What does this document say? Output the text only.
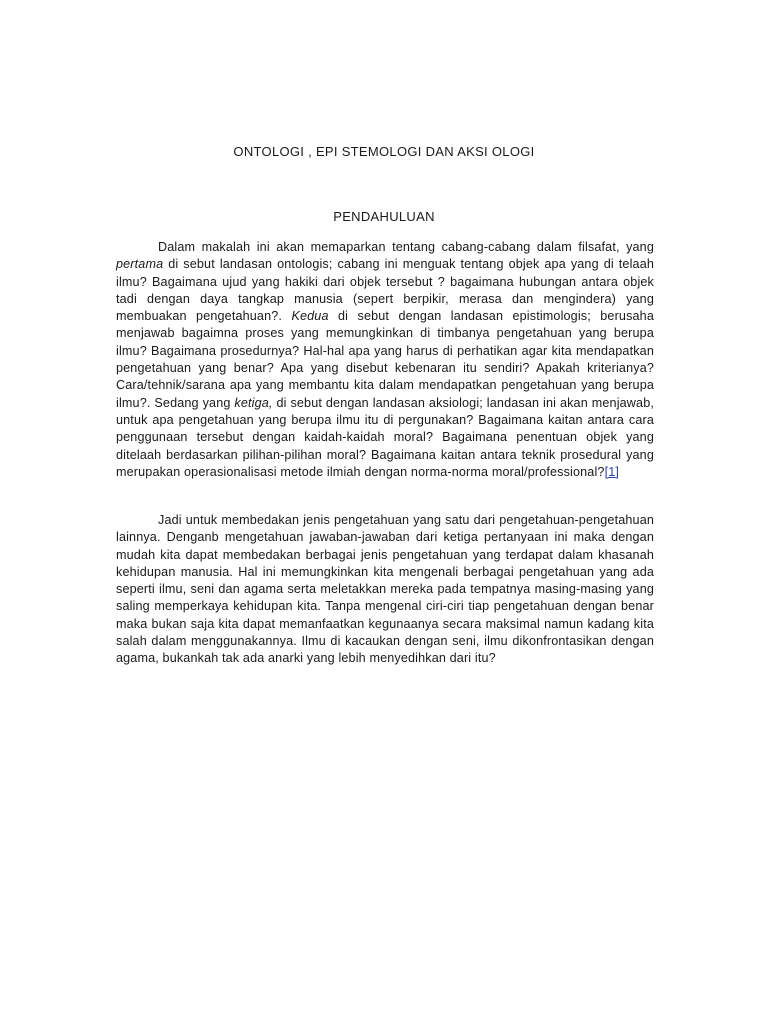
ONTOLOGI , EPI STEMOLOGI DAN AKSI OLOGI
PENDAHULUAN

Dalam makalah ini akan memaparkan tentang cabang-cabang dalam filsafat, yang pertama di sebut landasan ontologis; cabang ini menguak tentang objek apa yang di telaah ilmu? Bagaimana ujud yang hakiki dari objek tersebut ? bagaimana hubungan antara objek tadi dengan daya tangkap manusia (sepert berpikir, merasa dan mengindera) yang membuakan pengetahuan?. Kedua di sebut dengan landasan epistimologis; berusaha menjawab bagaimna proses yang memungkinkan di timbanya pengetahuan yang berupa ilmu? Bagaimana prosedurnya? Hal-hal apa yang harus di perhatikan agar kita mendapatkan pengetahuan yang benar? Apa yang disebut kebenaran itu sendiri? Apakah kriterianya? Cara/tehnik/sarana apa yang membantu kita dalam mendapatkan pengetahuan yang berupa ilmu?. Sedang yang ketiga, di sebut dengan landasan aksiologi; landasan ini akan menjawab, untuk apa pengetahuan yang berupa ilmu itu di pergunakan? Bagaimana kaitan antara cara penggunaan tersebut dengan kaidah-kaidah moral? Bagaimana penentuan objek yang ditelaah berdasarkan pilihan-pilihan moral? Bagaimana kaitan antara teknik prosedural yang merupakan operasionalisasi metode ilmiah dengan norma-norma moral/professional?[1]

Jadi untuk membedakan jenis pengetahuan yang satu dari pengetahuan-pengetahuan lainnya. Denganb mengetahuan jawaban-jawaban dari ketiga pertanyaan ini maka dengan mudah kita dapat membedakan berbagai jenis pengetahuan yang terdapat dalam khasanah kehidupan manusia. Hal ini memungkinkan kita mengenali berbagai pengetahuan yang ada seperti ilmu, seni dan agama serta meletakkan mereka pada tempatnya masing-masing yang saling memperkaya kehidupan kita. Tanpa mengenal ciri-ciri tiap pengetahuan dengan benar maka bukan saja kita dapat memanfaatkan kegunaanya secara maksimal namun kadang kita salah dalam menggunakannya. Ilmu di kacaukan dengan seni, ilmu dikonfrontasikan dengan agama, bukankah tak ada anarki yang lebih menyedihkan dari itu?
